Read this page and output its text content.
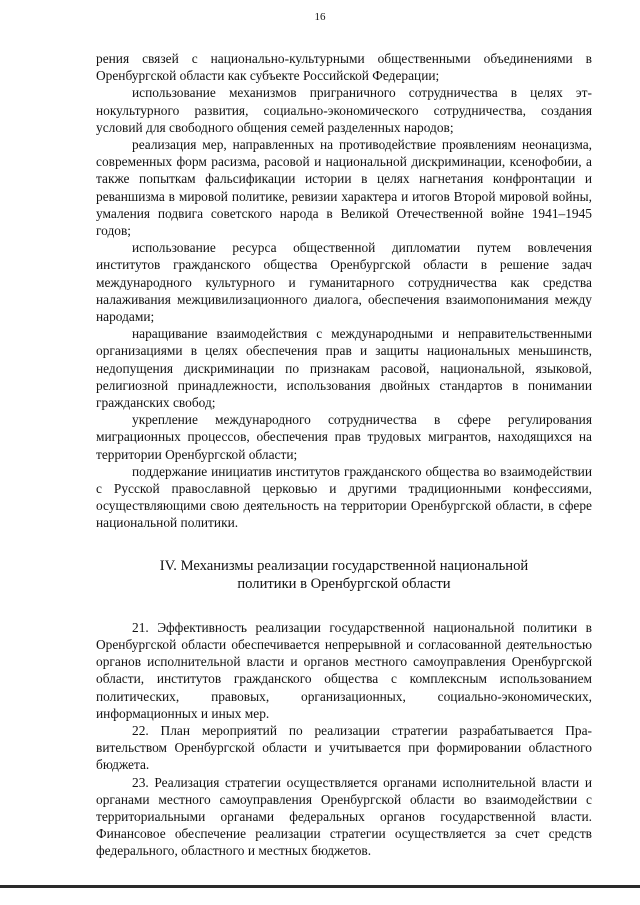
16

рения связей с национально-культурными общественными объединениями в Оренбургской области как субъекте Российской Федерации;

использование механизмов приграничного сотрудничества в целях этнокультурного развития, социально-экономического сотрудничества, создания условий для свободного общения семей разделенных народов;

реализация мер, направленных на противодействие проявлениям неонацизма, современных форм расизма, расовой и национальной дискриминации, ксенофобии, а также попыткам фальсификации истории в целях нагнетания конфронтации и реваншизма в мировой политике, ревизии характера и итогов Второй мировой войны, умаления подвига советского народа в Великой Отечественной войне 1941–1945 годов;

использование ресурса общественной дипломатии путем вовлечения институтов гражданского общества Оренбургской области в решение задач международного культурного и гуманитарного сотрудничества как средства налаживания межцивилизационного диалога, обеспечения взаимопонимания между народами;

наращивание взаимодействия с международными и неправительственными организациями в целях обеспечения прав и защиты национальных меньшинств, недопущения дискриминации по признакам расовой, национальной, языковой, религиозной принадлежности, использования двойных стандартов в понимании гражданских свобод;

укрепление международного сотрудничества в сфере регулирования миграционных процессов, обеспечения прав трудовых мигрантов, находящихся на территории Оренбургской области;

поддержание инициатив институтов гражданского общества во взаимодействии с Русской православной церковью и другими традиционными конфессиями, осуществляющими свою деятельность на территории Оренбургской области, в сфере национальной политики.

IV. Механизмы реализации государственной национальной
политики в Оренбургской области

21. Эффективность реализации государственной национальной политики в Оренбургской области обеспечивается непрерывной и согласованной деятельностью органов исполнительной власти и органов местного самоуправления Оренбургской области, институтов гражданского общества с комплексным использованием политических, правовых, организационных, социально-экономических, информационных и иных мер.

22. План мероприятий по реализации стратегии разрабатывается Правительством Оренбургской области и учитывается при формировании областного бюджета.

23. Реализация стратегии осуществляется органами исполнительной власти и органами местного самоуправления Оренбургской области во взаимодействии с территориальными органами федеральных органов государственной власти. Финансовое обеспечение реализации стратегии осуществляется за счет средств федерального, областного и местных бюджетов.
